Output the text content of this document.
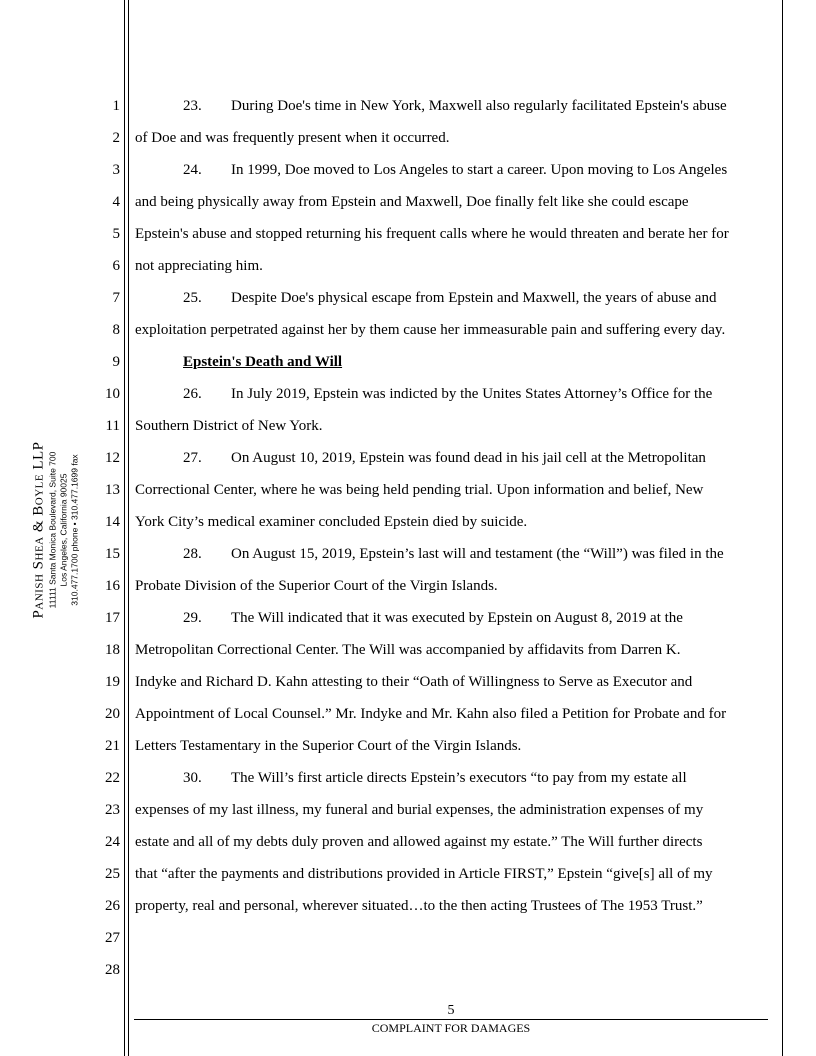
Panish Shea & Boyle LLP 11111 Santa Monica Boulevard, Suite 700 Los Angeles, California 90025 310.477.1700 phone • 310.477.1699 fax
1
2
3
4
5
6
7
8
9
10
11
12
13
14
15
16
17
18
19
20
21
22
23
24
25
26
27
28
23. During Doe's time in New York, Maxwell also regularly facilitated Epstein's abuse
of Doe and was frequently present when it occurred.
24. In 1999, Doe moved to Los Angeles to start a career. Upon moving to Los Angeles
and being physically away from Epstein and Maxwell, Doe finally felt like she could escape
Epstein's abuse and stopped returning his frequent calls where he would threaten and berate her for
not appreciating him.
25. Despite Doe's physical escape from Epstein and Maxwell, the years of abuse and
exploitation perpetrated against her by them cause her immeasurable pain and suffering every day.
Epstein's Death and Will
26. In July 2019, Epstein was indicted by the Unites States Attorney’s Office for the
Southern District of New York.
27. On August 10, 2019, Epstein was found dead in his jail cell at the Metropolitan
Correctional Center, where he was being held pending trial. Upon information and belief, New
York City’s medical examiner concluded Epstein died by suicide.
28. On August 15, 2019, Epstein’s last will and testament (the “Will”) was filed in the
Probate Division of the Superior Court of the Virgin Islands.
29. The Will indicated that it was executed by Epstein on August 8, 2019 at the
Metropolitan Correctional Center. The Will was accompanied by affidavits from Darren K.
Indyke and Richard D. Kahn attesting to their “Oath of Willingness to Serve as Executor and
Appointment of Local Counsel.” Mr. Indyke and Mr. Kahn also filed a Petition for Probate and for
Letters Testamentary in the Superior Court of the Virgin Islands.
30. The Will’s first article directs Epstein’s executors “to pay from my estate all
expenses of my last illness, my funeral and burial expenses, the administration expenses of my
estate and all of my debts duly proven and allowed against my estate.” The Will further directs
that “after the payments and distributions provided in Article FIRST,” Epstein “give[s] all of my
property, real and personal, wherever situated…to the then acting Trustees of The 1953 Trust.”
5
COMPLAINT FOR DAMAGES
